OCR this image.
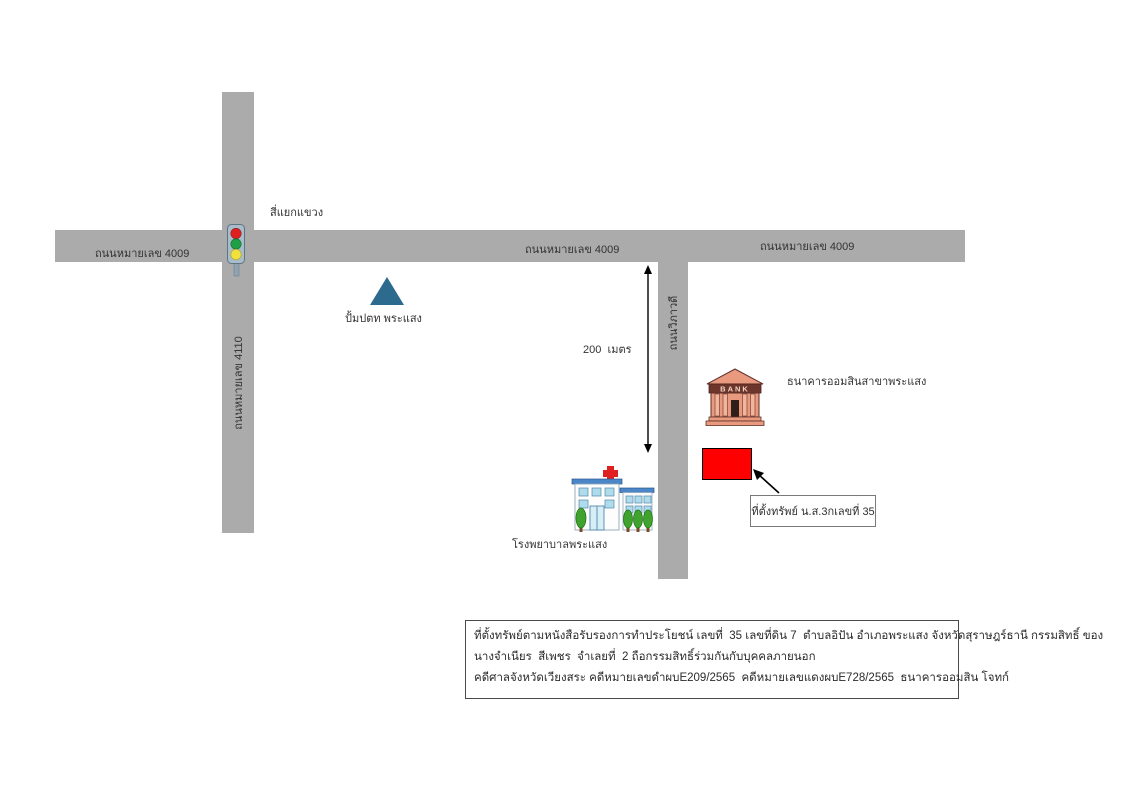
ถนนหมายเลข 4009	ถนนหมายเลข 4009	ถนนหมายเลข 4009
ถนนหมายเลข 4110
ถนนวิภาวดี
สี่แยกแขวง
ปั้มปตท พระแสง
200  เมตร
BANK
ธนาคารออมสินสาขาพระแสง
ที่ตั้งทรัพย์ น.ส.3กเลขที่ 35
โรงพยาบาลพระแสง
ที่ตั้งทรัพย์ตามหนังสือรับรองการทำประโยชน์ เลขที่  35 เลขที่ดิน 7  ตำบลอิปัน อำเภอพระแสง จังหวัดสุราษฎร์ธานี กรรมสิทธิ์ ของ
นางจำเนียร  สีเพชร  จำเลยที่  2 ถือกรรมสิทธิ์ร่วมกันกับบุคคลภายนอก
คดีศาลจังหวัดเวียงสระ คดีหมายเลขดำผบE209/2565  คดีหมายเลขแดงผบE728/2565  ธนาคารออมสิน โจทก์
